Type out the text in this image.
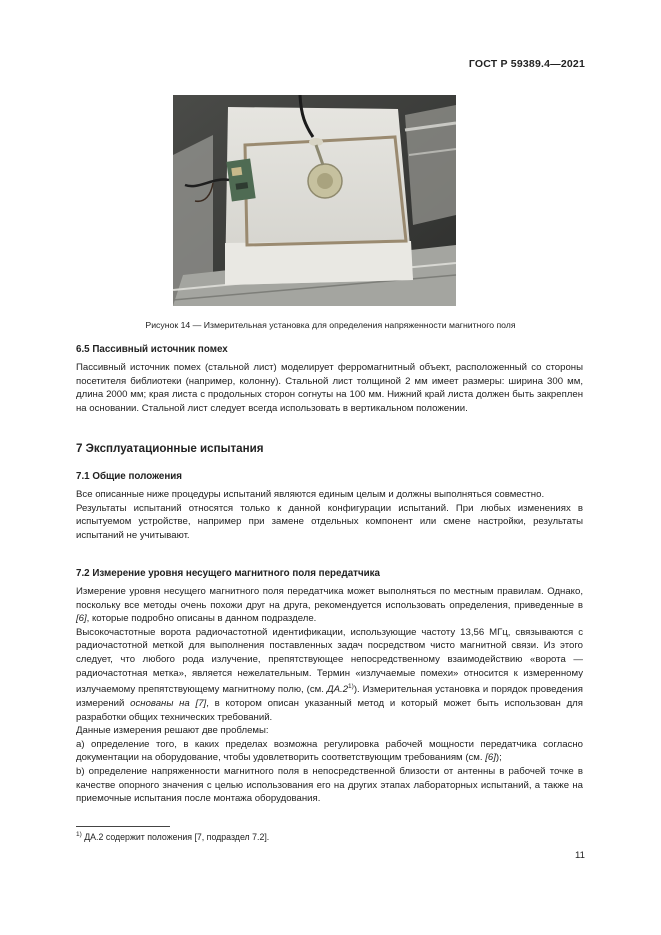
ГОСТ Р 59389.4—2021
Рисунок 14 — Измерительная установка для определения напряженности магнитного поля
6.5 Пассивный источник помех

Пассивный источник помех (стальной лист) моделирует ферромагнитный объект, расположенный со стороны посетителя библиотеки (например, колонну). Стальной лист толщиной 2 мм имеет размеры: ширина 300 мм, длина 2000 мм; края листа с продольных сторон согнуты на 100 мм. Нижний край листа должен быть закреплен на основании. Стальной лист следует всегда использовать в вертикальном положении.

7 Эксплуатационные испытания
7.1 Общие положения

Все описанные ниже процедуры испытаний являются единым целым и должны выполняться совместно.

Результаты испытаний относятся только к данной конфигурации испытаний. При любых изменениях в испытуемом устройстве, например при замене отдельных компонент или смене настройки, результаты испытаний не учитывают.

7.2 Измерение уровня несущего магнитного поля передатчика

Измерение уровня несущего магнитного поля передатчика может выполняться по местным правилам. Однако, поскольку все методы очень похожи друг на друга, рекомендуется использовать определения, приведенные в [6], которые подробно описаны в данном подразделе.

Высокочастотные ворота радиочастотной идентификации, использующие частоту 13,56 МГц, связываются с радиочастотной меткой для выполнения поставленных задач посредством чисто магнитной связи. Из этого следует, что любого рода излучение, препятствующее непосредственному взаимодействию «ворота — радиочастотная метка», является нежелательным. Термин «излучаемые помехи» относится к измеренному излучаемому препятствующему магнитному полю, (см. ДА.2$^{1)}$). Измерительная установка и порядок проведения измерений основаны на [7], в котором описан указанный метод и который может быть использован для разработки общих технических требований.

Данные измерения решают две проблемы:

a) определение того, в каких пределах возможна регулировка рабочей мощности передатчика согласно документации на оборудование, чтобы удовлетворить соответствующим требованиям (см. [6]);

b) определение напряженности магнитного поля в непосредственной близости от антенны в рабочей точке в качестве опорного значения с целью использования его на других этапах лабораторных испытаний, а также на приемочные испытания после монтажа оборудования.

$^{1)}$ ДА.2 содержит положения [7, подраздел 7.2].
11
